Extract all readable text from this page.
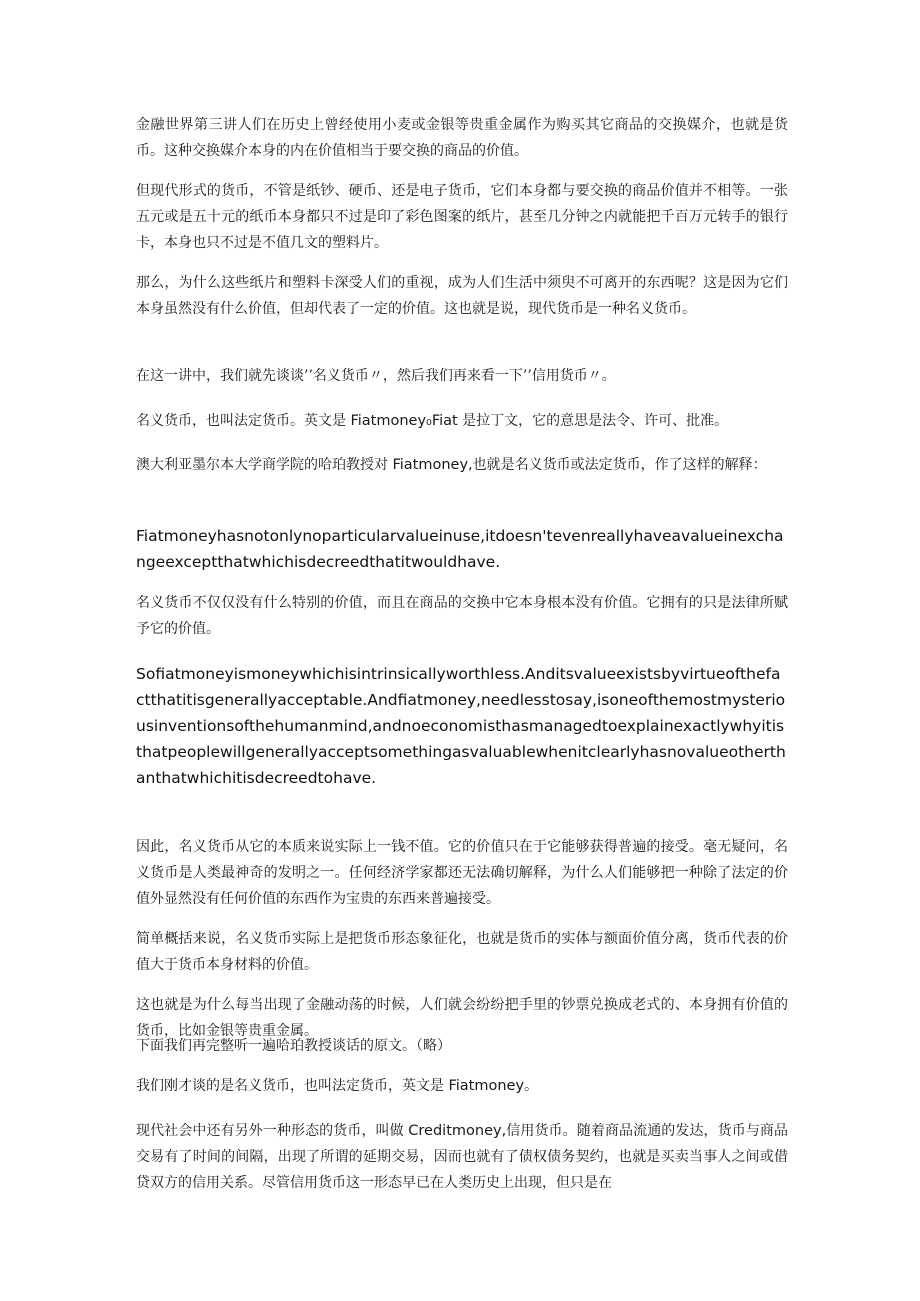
金融世界第三讲人们在历史上曾经使用小麦或金银等贵重金属作为购买其它商品的交换媒介，也就是货币。这种交换媒介本身的内在价值相当于要交换的商品的价值。

但现代形式的货币，不管是纸钞、硬币、还是电子货币，它们本身都与要交换的商品价值并不相等。一张五元或是五十元的纸币本身都只不过是印了彩色图案的纸片，甚至几分钟之内就能把千百万元转手的银行卡，本身也只不过是不值几文的塑料片。

那么，为什么这些纸片和塑料卡深受人们的重视，成为人们生活中须臾不可离开的东西呢？这是因为它们本身虽然没有什么价值，但却代表了一定的价值。这也就是说，现代货币是一种名义货币。

在这一讲中，我们就先谈谈’’名义货币〃，然后我们再来看一下’’信用货币〃。

名义货币，也叫法定货币。英文是 Fiatmoney₀Fiat 是拉丁文，它的意思是法令、许可、批准。

澳大利亚墨尔本大学商学院的哈珀教授对 Fiatmoney,也就是名义货币或法定货币，作了这样的解释：

Fiatmoneyhasnotonlynoparticularvalueinuse,itdoesn'tevenreallyhaveavalueinexchangeexceptthatwhichisdecreedthatitwouldhave.

名义货币不仅仅没有什么特别的价值，而且在商品的交换中它本身根本没有价值。它拥有的只是法律所赋予它的价值。

Sofiatmoneyismoneywhichisintrinsicallyworthless.Anditsvalueexistsbyvirtueofthefactthatitisgenerallyacceptable.Andfiatmoney,needlesstosay,isoneofthemostmysteriousinventionsofthehumanmind,andnoeconomisthasmanagedtoexplainexactlywhyitisthatpeoplewillgenerallyacceptsomethingasvaluablewhenitclearlyhasnovalueotherthanthatwhichitisdecreedtohave.

因此，名义货币从它的本质来说实际上一钱不值。它的价值只在于它能够获得普遍的接受。毫无疑问，名义货币是人类最神奇的发明之一。任何经济学家都还无法确切解释，为什么人们能够把一种除了法定的价值外显然没有任何价值的东西作为宝贵的东西来普遍接受。

简单概括来说，名义货币实际上是把货币形态象征化，也就是货币的实体与额面价值分离，货币代表的价值大于货币本身材料的价值。

这也就是为什么每当出现了金融动荡的时候，人们就会纷纷把手里的钞票兑换成老式的、本身拥有价值的货币，比如金银等贵重金属。

下面我们再完整听一遍哈珀教授谈话的原文。（略）

我们刚才谈的是名义货币，也叫法定货币，英文是 Fiatmoney。

现代社会中还有另外一种形态的货币，叫做 Creditmoney,信用货币。随着商品流通的发达，货币与商品交易有了时间的间隔，出现了所谓的延期交易，因而也就有了债权债务契约，也就是买卖当事人之间或借贷双方的信用关系。尽管信用货币这一形态早已在人类历史上出现，但只是在
